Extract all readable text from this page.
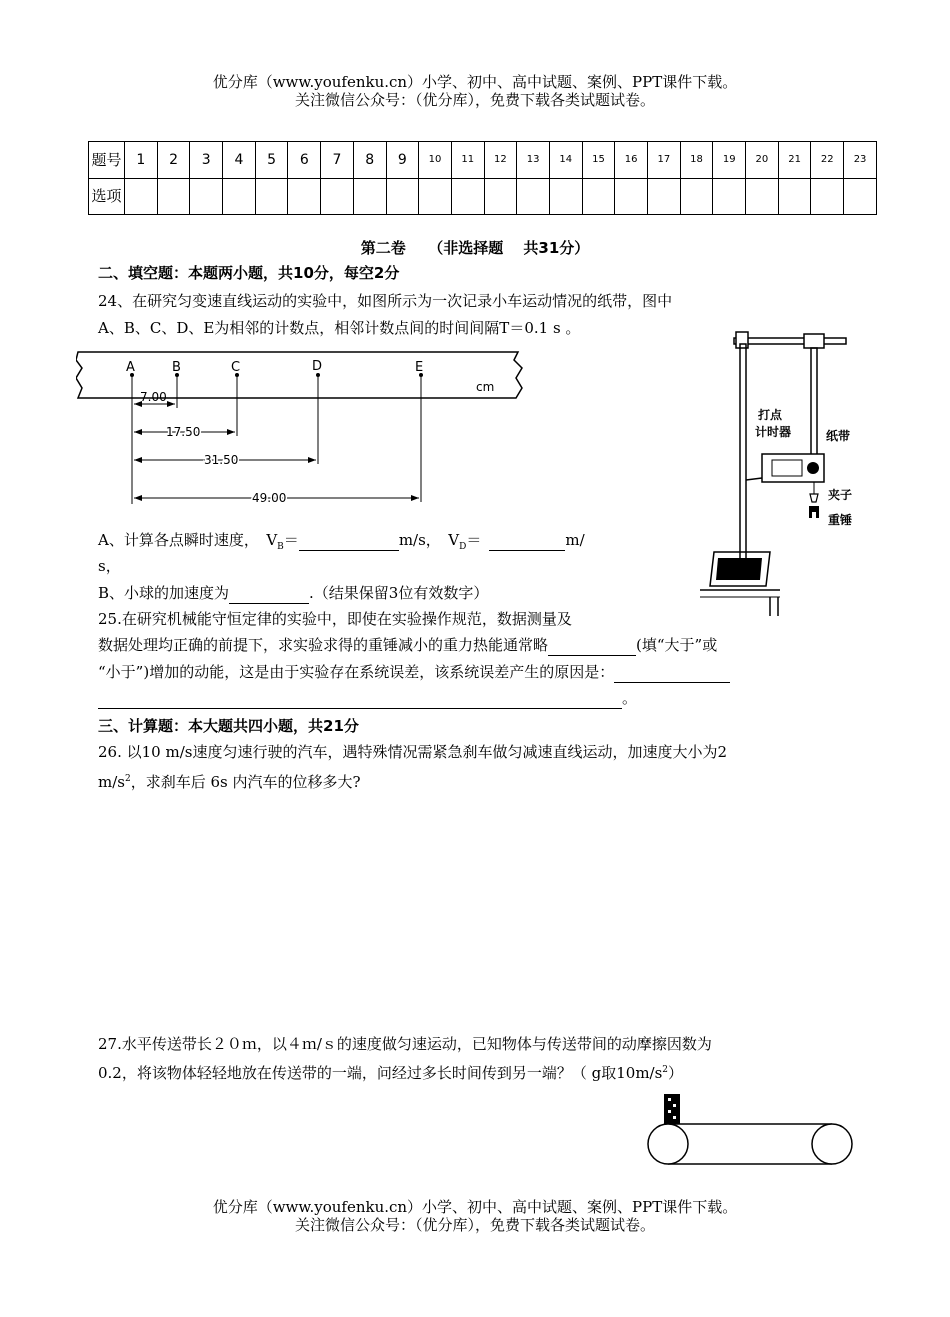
优分库（www.youfenku.cn）小学、初中、高中试题、案例、PPT课件下载。
关注微信公众号：（优分库），免费下载各类试题试卷。
题号	1	2	3	4	5	6	7	8	9	10	11	12	13	14	15	16	17	18	19	20	21	22	23
选项																							
第二卷　　（非选择题　 共31分）
二、填空题：本题两小题，共10分，每空2分
24、在研究匀变速直线运动的实验中，如图所示为一次记录小车运动情况的纸带，图中
A、B、C、D、E为相邻的计数点，相邻计数点间的时间间隔T＝0.1 s 。
A	B	C	D	E
cm
7.00
17.50
31.50
49.00
打点
计时器	纸带
夹子
重锤
A、计算各点瞬时速度，　$V_B=$	m/s，　$V_D=$	m/
s，
B、小球的加速度为	.（结果保留3位有效数字）
25.在研究机械能守恒定律的实验中，即使在实验操作规范，数据测量及
数据处理均正确的前提下，求实验求得的重锤减小的重力热能通常略	(填“大于”或
“小于”)增加的动能，这是由于实验存在系统误差，该系统误差产生的原因是：
。
三、计算题：本大题共四小题，共21分
26. 以10 m/s速度匀速行驶的汽车，遇特殊情况需紧急刹车做匀减速直线运动，加速度大小为2
$m/s^2$，求刹车后 6s 内汽车的位移多大?
27.水平传送带长２０ｍ，以４ｍ/ｓ的速度做匀速运动，已知物体与传送带间的动摩擦因数为
0.2，将该物体轻轻地放在传送带的一端，问经过多长时间传到另一端？（ g取$10m/s^2$）
优分库（www.youfenku.cn）小学、初中、高中试题、案例、PPT课件下载。
关注微信公众号：（优分库），免费下载各类试题试卷。
